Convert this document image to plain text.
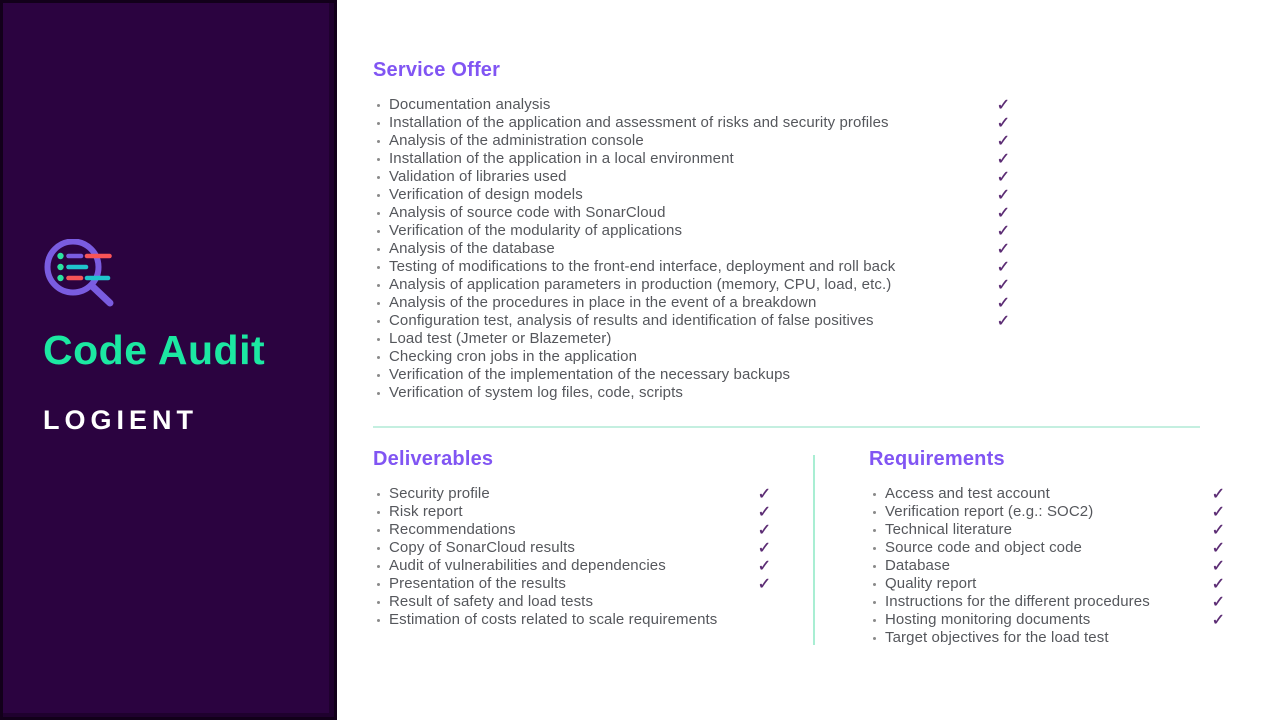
Code Audit
LOGIENT
Service Offer
Documentation analysis	✓
Installation of the application and assessment of risks and security profiles	✓
Analysis of the administration console	✓
Installation of the application in a local environment	✓
Validation of libraries used	✓
Verification of design models	✓
Analysis of source code with SonarCloud	✓
Verification of the modularity of applications	✓
Analysis of the database	✓
Testing of modifications to the front-end interface, deployment and roll back	✓
Analysis of application parameters in production (memory, CPU, load, etc.)	✓
Analysis of the procedures in place in the event of a breakdown	✓
Configuration test, analysis of results and identification of false positives	✓
Load test (Jmeter or Blazemeter)
Checking cron jobs in the application
Verification of the implementation of the necessary backups
Verification of system log files, code, scripts
Deliverables
Security profile	✓
Risk report	✓
Recommendations	✓
Copy of SonarCloud results	✓
Audit of vulnerabilities and dependencies	✓
Presentation of the results	✓
Result of safety and load tests
Estimation of costs related to scale requirements
Requirements
Access and test account	✓
Verification report (e.g.: SOC2)	✓
Technical literature	✓
Source code and object code	✓
Database	✓
Quality report	✓
Instructions for the different procedures	✓
Hosting monitoring documents	✓
Target objectives for the load test
